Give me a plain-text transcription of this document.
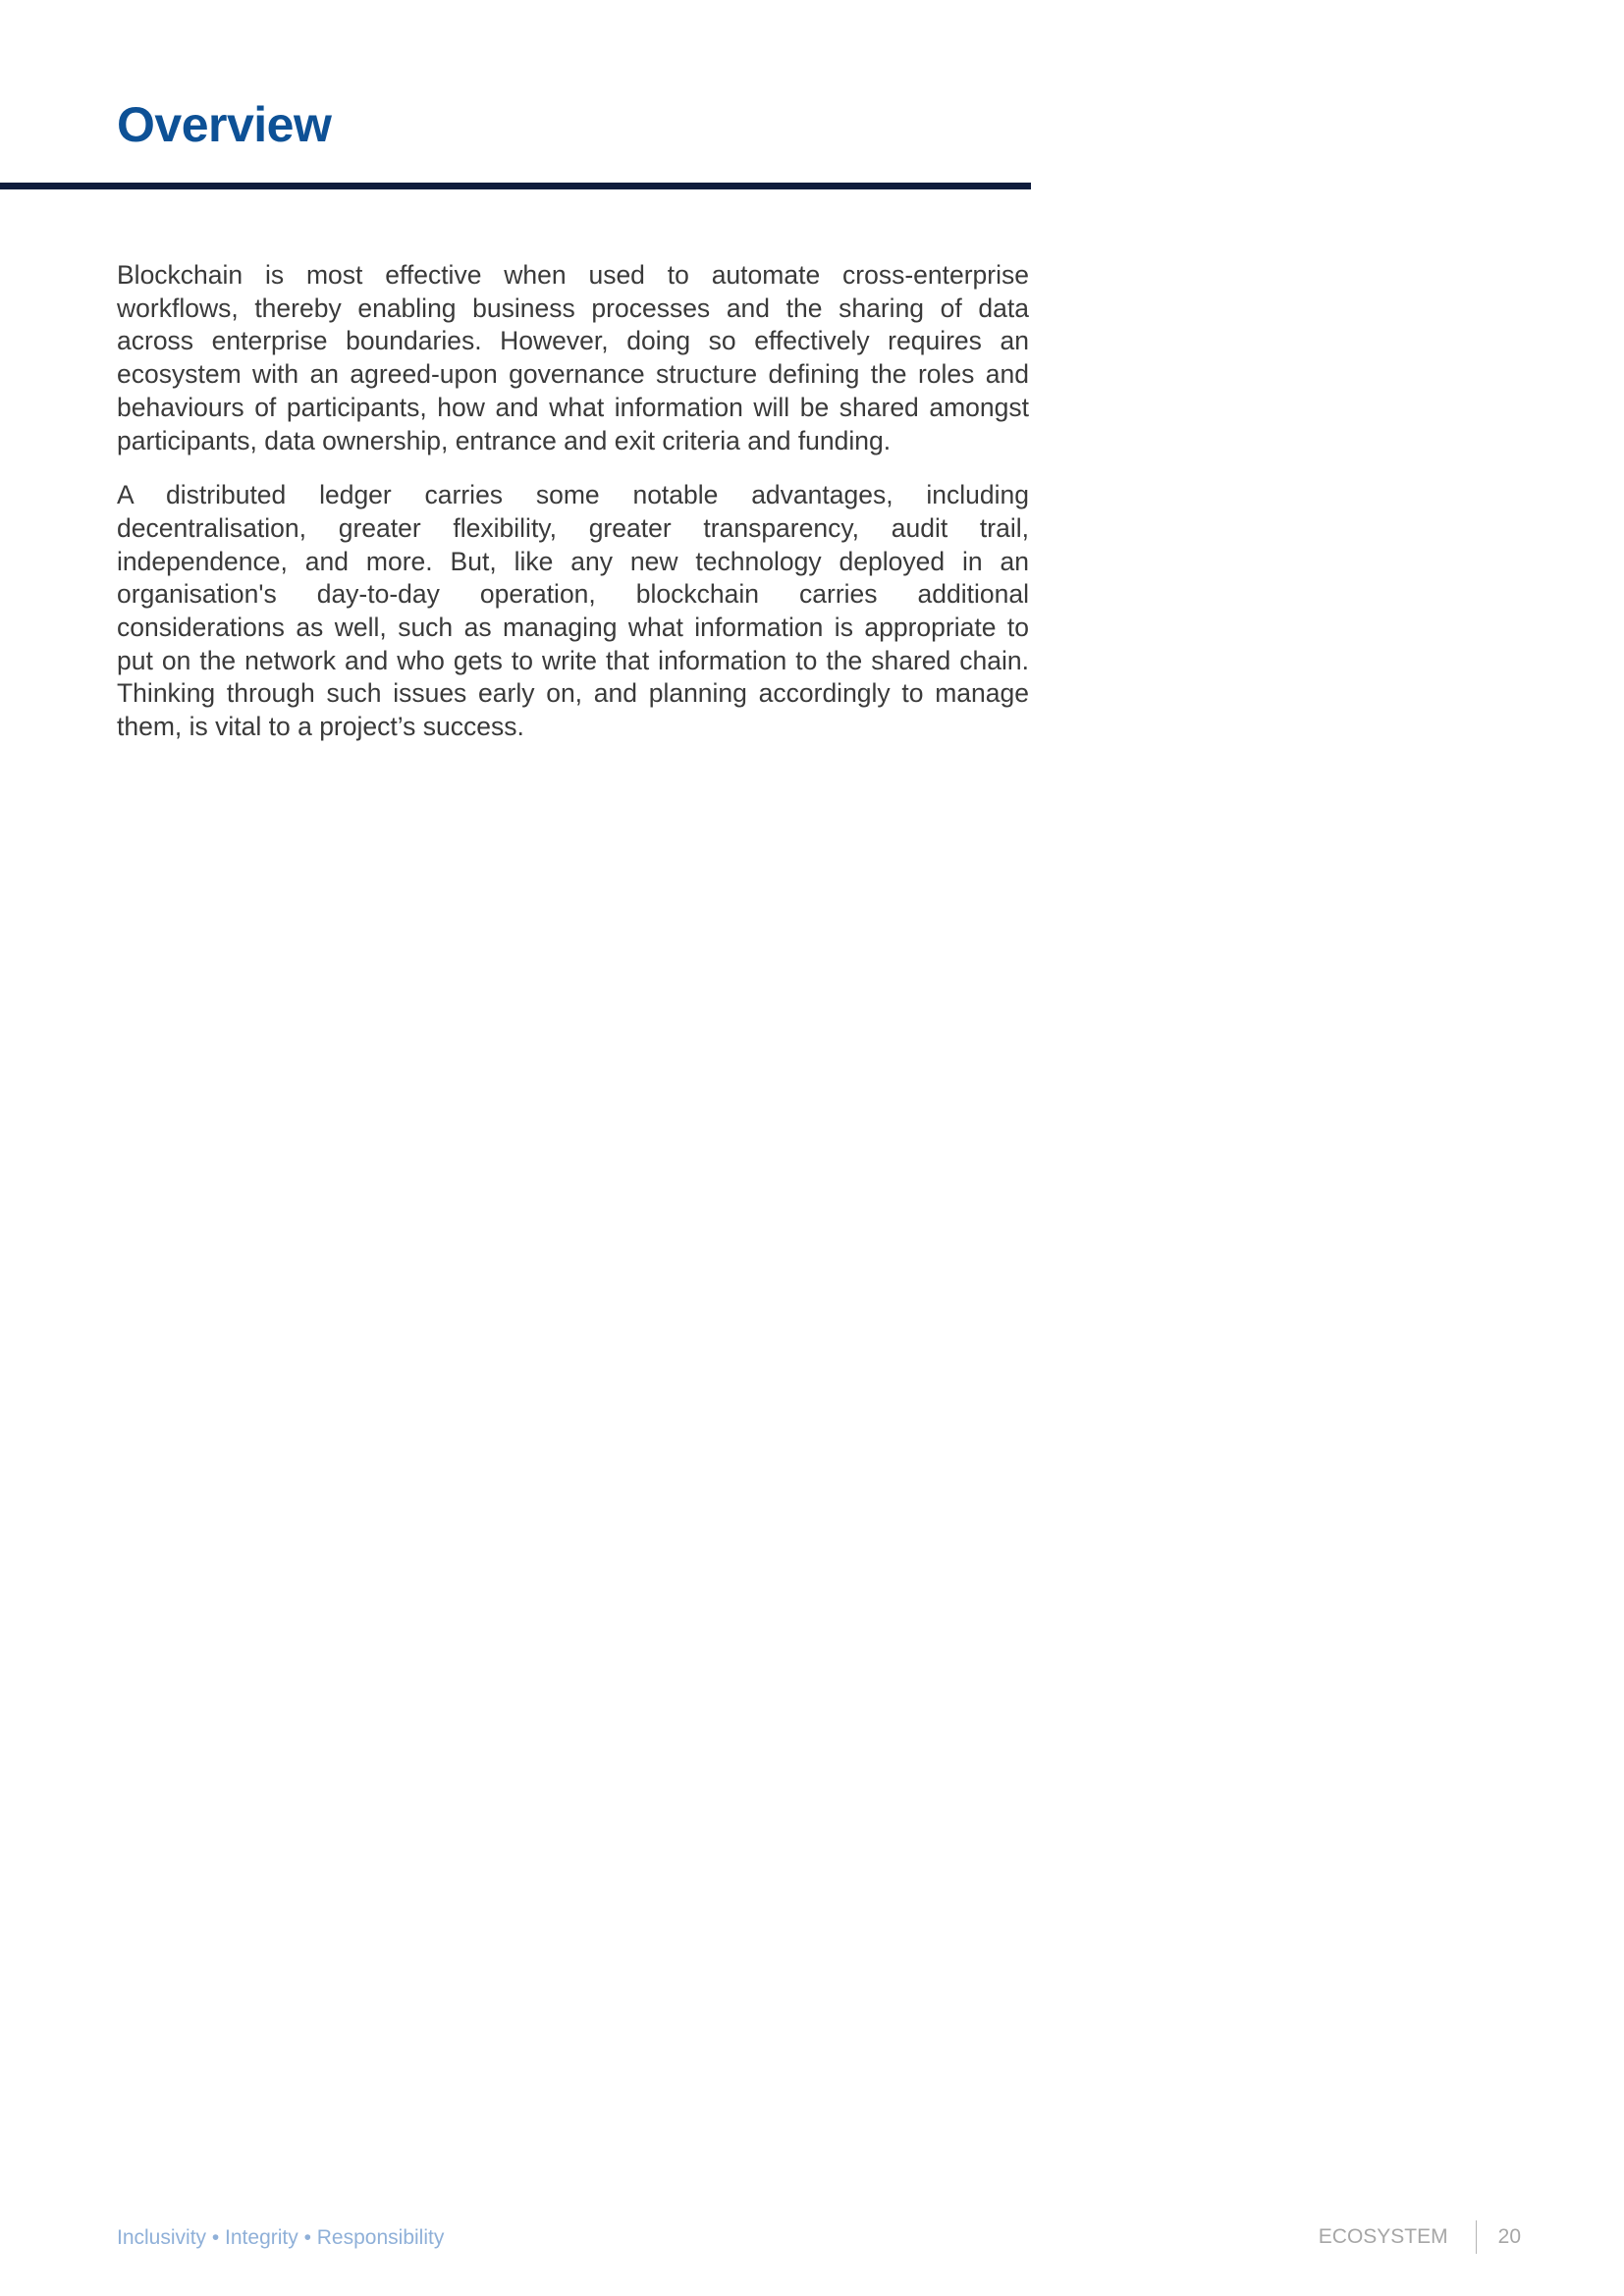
Overview

Blockchain is most effective when used to automate cross-enterprise workflows, thereby enabling business processes and the sharing of data across enterprise boundaries. However, doing so effectively requires an ecosystem with an agreed-upon governance structure defining the roles and behaviours of participants, how and what information will be shared amongst participants, data ownership, entrance and exit criteria and funding.

A distributed ledger carries some notable advantages, including decentralisation, greater flexibility, greater transparency, audit trail, independence, and more. But, like any new technology deployed in an organisation's day-to-day operation, blockchain carries additional considerations as well, such as managing what information is appropriate to put on the network and who gets to write that information to the shared chain. Thinking through such issues early on, and planning accordingly to manage them, is vital to a project’s success.

Inclusivity • Integrity • Responsibility	ECOSYSTEM 20
